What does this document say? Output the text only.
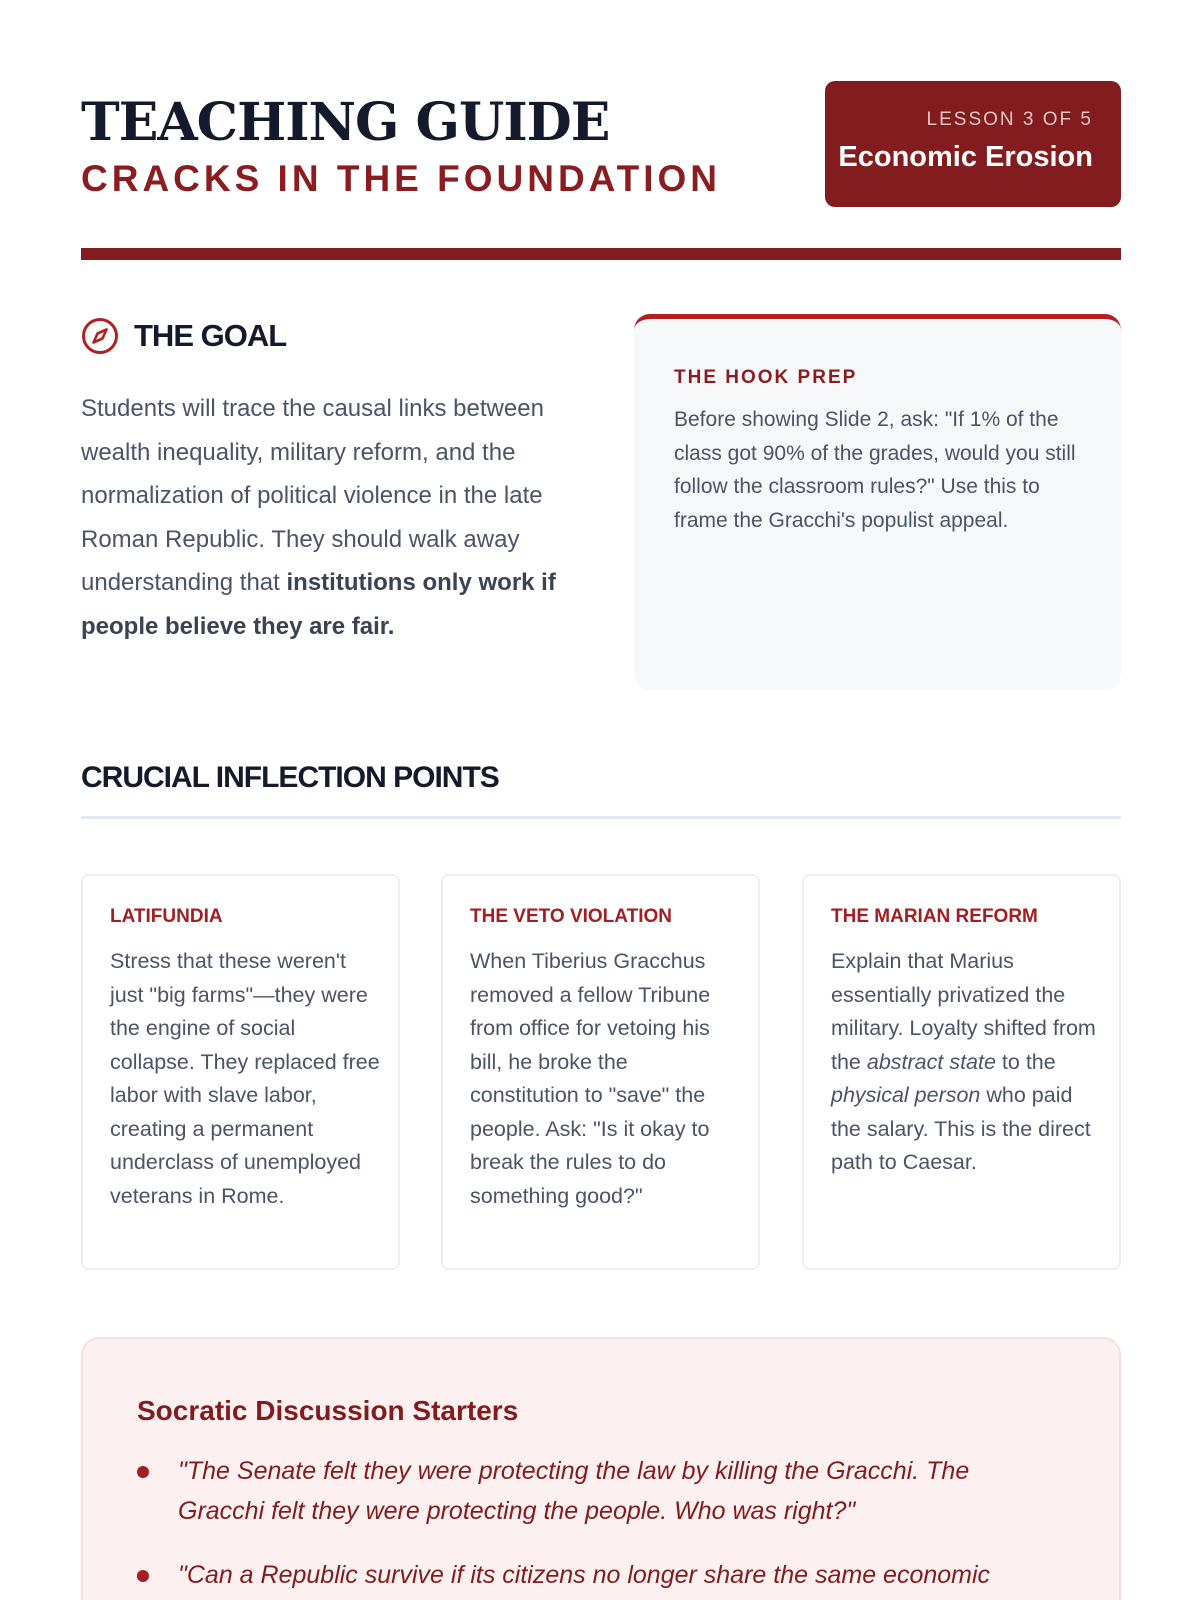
TEACHING GUIDE
CRACKS IN THE FOUNDATION
LESSON 3 OF 5
Economic Erosion
THE GOAL

Students will trace the causal links between wealth inequality, military reform, and the normalization of political violence in the late Roman Republic. They should walk away understanding that institutions only work if people believe they are fair.

THE HOOK PREP

Before showing Slide 2, ask: "If 1% of the class got 90% of the grades, would you still follow the classroom rules?" Use this to frame the Gracchi's populist appeal.

CRUCIAL INFLECTION POINTS
LATIFUNDIA

Stress that these weren't just "big farms"—they were the engine of social collapse. They replaced free labor with slave labor, creating a permanent underclass of unemployed veterans in Rome.

THE VETO VIOLATION

When Tiberius Gracchus removed a fellow Tribune from office for vetoing his bill, he broke the constitution to "save" the people. Ask: "Is it okay to break the rules to do something good?"

THE MARIAN REFORM

Explain that Marius essentially privatized the military. Loyalty shifted from the abstract state to the physical person who paid the salary. This is the direct path to Caesar.

Socratic Discussion Starters
"The Senate felt they were protecting the law by killing the Gracchi. The Gracchi felt they were protecting the people. Who was right?"
"Can a Republic survive if its citizens no longer share the same economic
